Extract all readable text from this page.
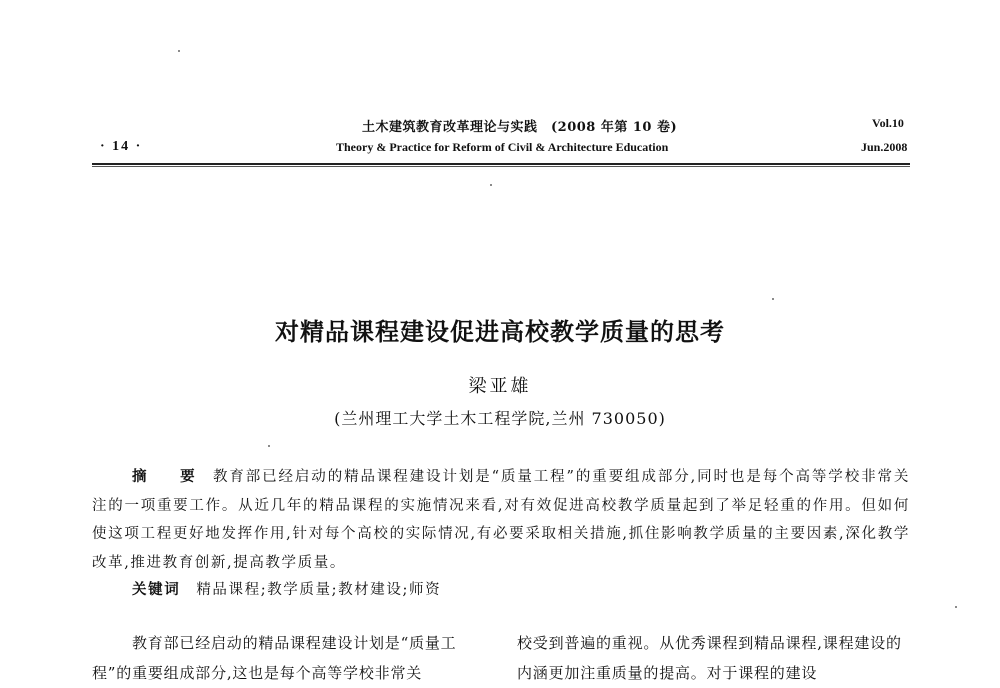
土木建筑教育改革理论与实践　(2008 年第 10 卷)	Vol.10
· 14 ·	Theory & Practice for Reform of Civil & Architecture Education	Jun.2008
对精品课程建设促进高校教学质量的思考
梁亚雄
(兰州理工大学土木工程学院,兰州 730050)
摘 要 教育部已经启动的精品课程建设计划是“质量工程”的重要组成部分,同时也是每个高等学校非常关注的一项重要工作。从近几年的精品课程的实施情况来看,对有效促进高校教学质量起到了举足轻重的作用。但如何使这项工程更好地发挥作用,针对每个高校的实际情况,有必要采取相关措施,抓住影响教学质量的主要因素,深化教学改革,推进教育创新,提高教学质量。
关键词 精品课程;教学质量;教材建设;师资
教育部已经启动的精品课程建设计划是“质量工程”的重要组成部分,这也是每个高等学校非常关
校受到普遍的重视。从优秀课程到精品课程,课程建设的内涵更加注重质量的提高。对于课程的建设
